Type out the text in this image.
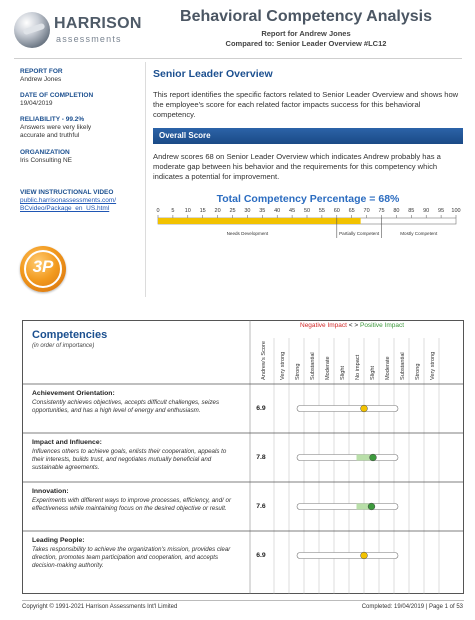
HARRISON
assessments
Behavioral Competency Analysis
Report for Andrew Jones
Compared to: Senior Leader Overview #LC12
REPORT FOR
Andrew Jones
DATE OF COMPLETION
19/04/2019
RELIABILITY - 99.2%
Answers were very likely
accurate and truthful
ORGANIZATION
Iris Consulting NE
VIEW INSTRUCTIONAL VIDEO
public.harrisonassessments.com/
BCvideo/Package_en_US.html
3P
Senior Leader Overview
This report identifies the specific factors related to Senior Leader Overview and shows how the employee's score for each related factor impacts success for this behavioral competency.
Overall Score
Andrew scores 68 on Senior Leader Overview which indicates Andrew probably has a moderate gap between his behavior and the requirements for this competency which indicates a potential for improvement.
Total Competency Percentage = 68%
0 5 10 15 20 25 30 35 40 45 50 55 60 65 70 75 80 85 90 95 100
Needs Development	Partially Competent	Mostly Competent
Andrew's Score Very strong Strong Substantial Moderate Slight No impact Slight Moderate Substantial Strong Very strong
Competencies
(in order of importance)
Negative Impact < > Positive Impact
Achievement Orientation:
Consistently achieves objectives, accepts difficult challenges, seizes opportunities, and has a high level of energy and enthusiasm.	6.9
Impact and Influence:
Influences others to achieve goals, enlists their cooperation, appeals to their interests, builds trust, and negotiates mutually beneficial and sustainable agreements.
7.8
Innovation:
Experiments with different ways to improve processes, efficiency, and/ or effectiveness while maintaining focus on the desired objective or result.	7.6
Leading People:
Takes responsibility to achieve the organization's mission, provides clear direction, promotes team participation and cooperation, and accepts decision-making authority.
6.9
Copyright © 1991-2021 Harrison Assessments Int'l Limited	Completed: 19/04/2019 | Page 1 of 53
